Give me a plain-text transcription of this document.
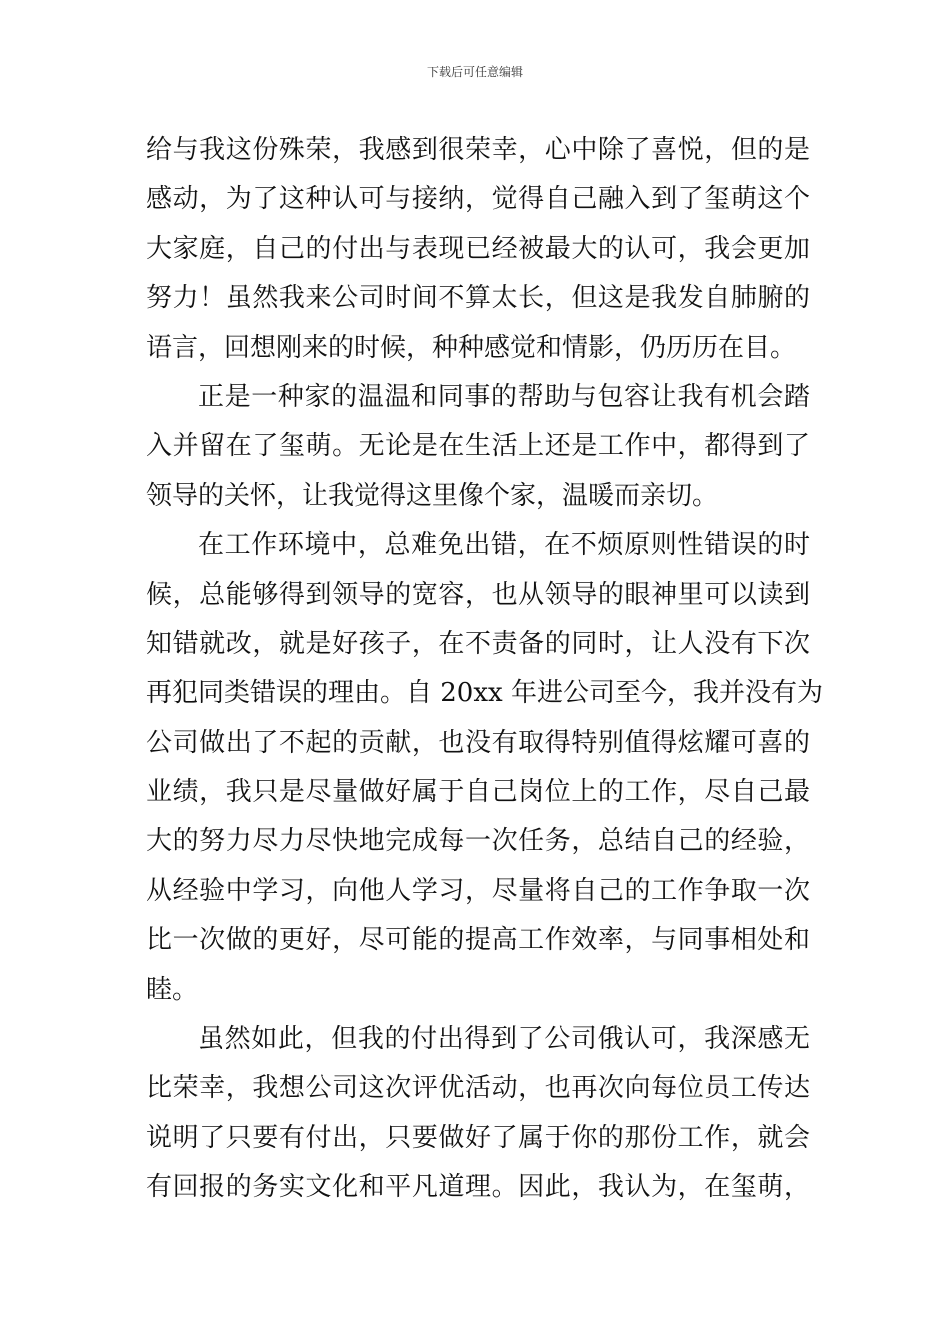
下载后可任意编辑
给与我这份殊荣，我感到很荣幸，心中除了喜悦，但的是
感动，为了这种认可与接纳，觉得自己融入到了玺萌这个
大家庭，自己的付出与表现已经被最大的认可，我会更加
努力！虽然我来公司时间不算太长，但这是我发自肺腑的
语言，回想刚来的时候，种种感觉和情影，仍历历在目。
正是一种家的温温和同事的帮助与包容让我有机会踏
入并留在了玺萌。无论是在生活上还是工作中，都得到了
领导的关怀，让我觉得这里像个家，温暖而亲切。
在工作环境中，总难免出错，在不烦原则性错误的时
候，总能够得到领导的宽容，也从领导的眼神里可以读到
知错就改，就是好孩子，在不责备的同时，让人没有下次
再犯同类错误的理由。自 20xx 年进公司至今，我并没有为
公司做出了不起的贡献，也没有取得特别值得炫耀可喜的
业绩，我只是尽量做好属于自己岗位上的工作，尽自己最
大的努力尽力尽快地完成每一次任务，总结自己的经验，
从经验中学习，向他人学习，尽量将自己的工作争取一次
比一次做的更好，尽可能的提高工作效率，与同事相处和
睦。
虽然如此，但我的付出得到了公司俄认可，我深感无
比荣幸，我想公司这次评优活动，也再次向每位员工传达
说明了只要有付出，只要做好了属于你的那份工作，就会
有回报的务实文化和平凡道理。因此，我认为，在玺萌，
